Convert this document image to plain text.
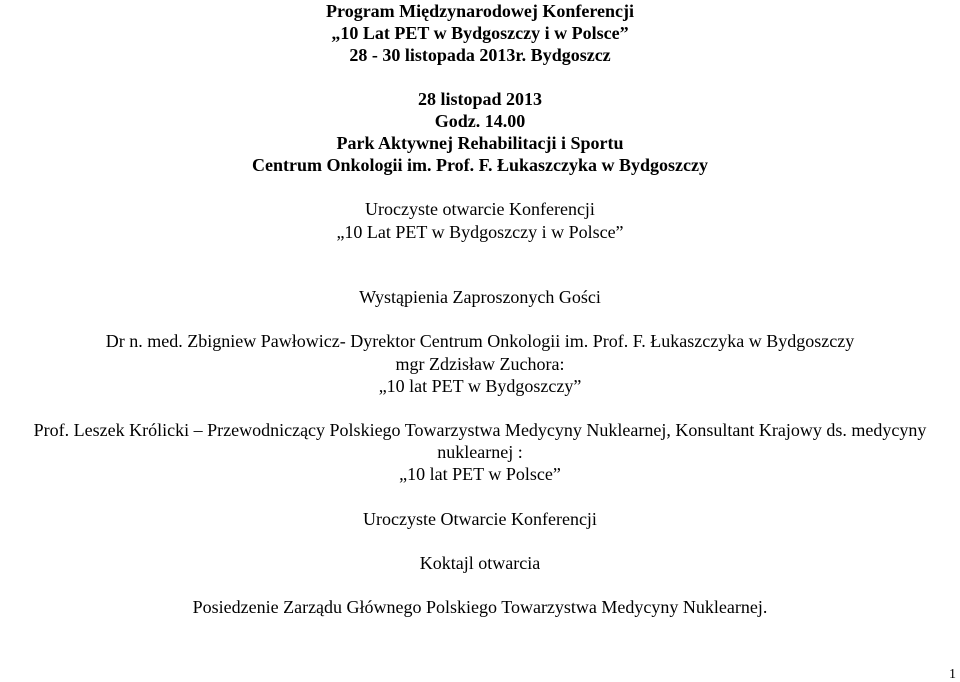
Program Międzynarodowej Konferencji
„10 Lat PET w Bydgoszczy i w Polsce”
28 - 30 listopada 2013r. Bydgoszcz
28 listopad 2013
Godz. 14.00
Park Aktywnej Rehabilitacji i Sportu
Centrum Onkologii im. Prof. F. Łukaszczyka w Bydgoszczy
Uroczyste otwarcie Konferencji
„10 Lat PET w Bydgoszczy i w Polsce”
Wystąpienia Zaproszonych Gości
Dr n. med. Zbigniew Pawłowicz- Dyrektor Centrum Onkologii im. Prof. F. Łukaszczyka w Bydgoszczy
mgr Zdzisław Zuchora:
„10 lat PET w Bydgoszczy”
Prof. Leszek Królicki – Przewodniczący Polskiego Towarzystwa Medycyny Nuklearnej, Konsultant Krajowy ds. medycyny
nuklearnej :
„10 lat PET w Polsce”
Uroczyste Otwarcie Konferencji
Koktajl otwarcia
Posiedzenie Zarządu Głównego Polskiego Towarzystwa Medycyny Nuklearnej.
1
